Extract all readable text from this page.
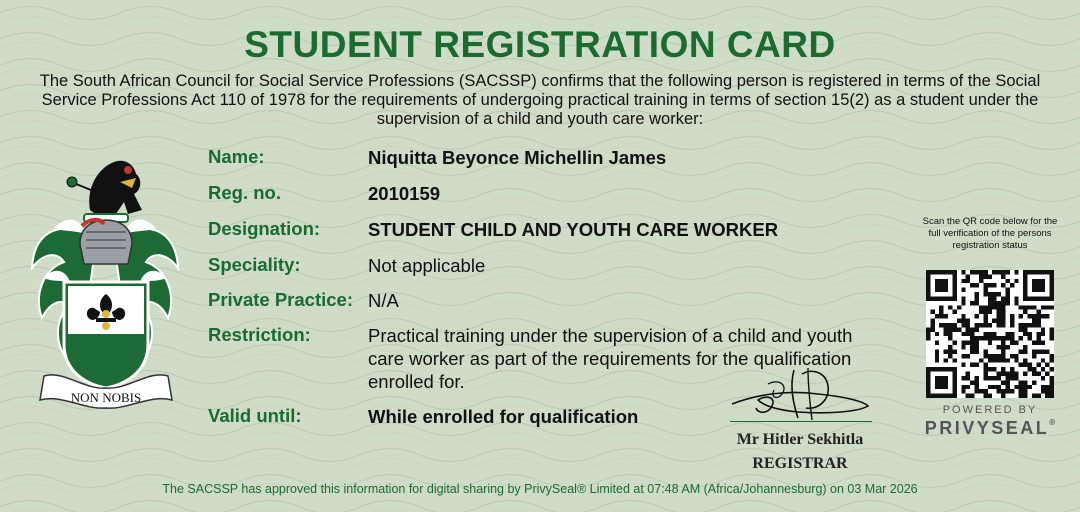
STUDENT REGISTRATION CARD
The South African Council for Social Service Professions (SACSSP) confirms that the following person is registered in terms of the Social Service Professions Act 110 of 1978 for the requirements of undergoing practical training in terms of section 15(2) as a student under the supervision of a child and youth care worker:
NON NOBIS
Name:	Niquitta Beyonce Michellin James
Reg. no.	2010159
Designation:	STUDENT CHILD AND YOUTH CARE WORKER
Speciality:	Not applicable
Private Practice: N/A
Restriction:	Practical training under the supervision of a child and youth care worker as part of the requirements for the qualification enrolled for.
Valid until:	While enrolled for qualification
Mr Hitler Sekhitla
REGISTRAR
Scan the QR code below for the full verification of the persons registration status
POWERED BY
PRIVYSEAL®
The SACSSP has approved this information for digital sharing by PrivySeal® Limited at 07:48 AM (Africa/Johannesburg) on 03 Mar 2026
